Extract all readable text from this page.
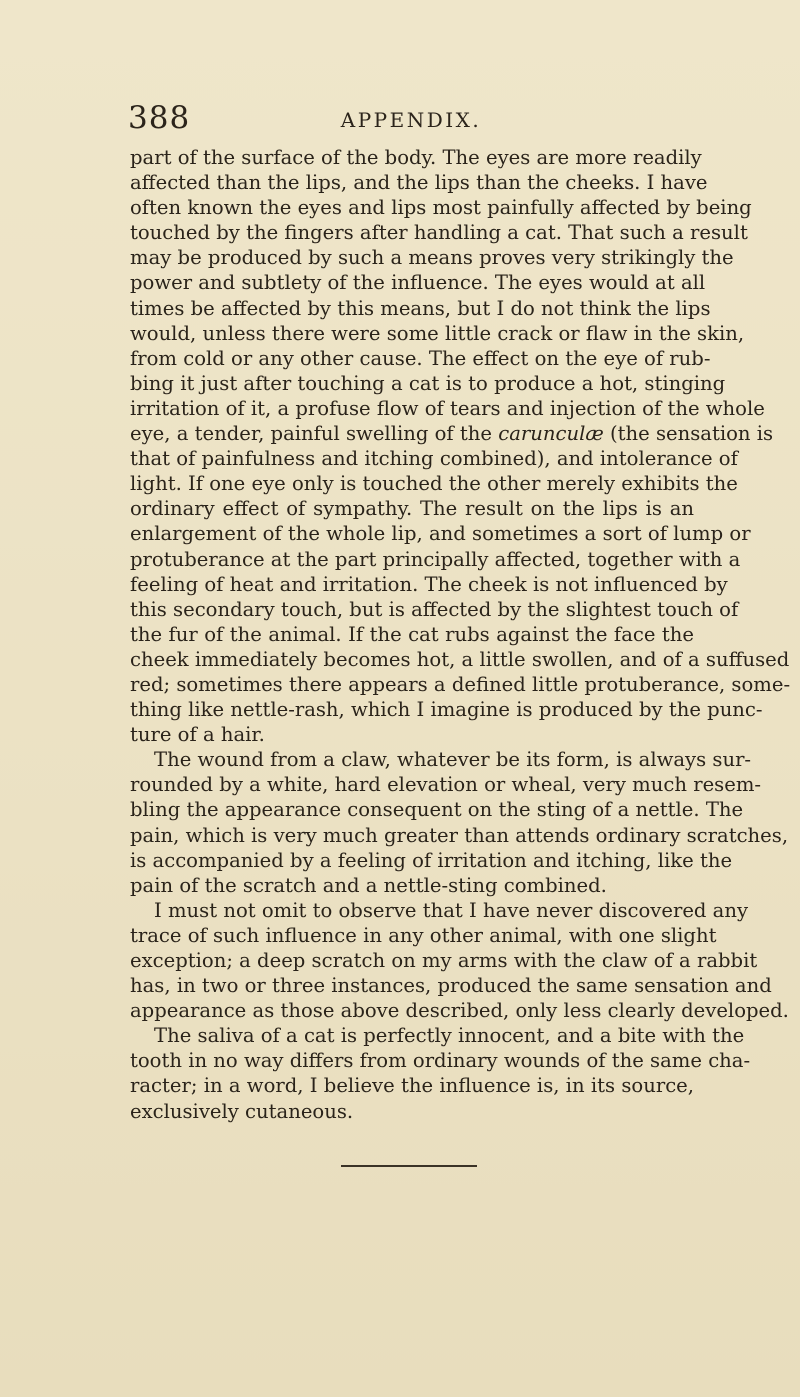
388	APPENDIX.
part of the surface of the body. The eyes are more readily
affected than the lips, and the lips than the cheeks. I have
often known the eyes and lips most painfully affected by being
touched by the fingers after handling a cat. That such a result
may be produced by such a means proves very strikingly the
power and subtlety of the influence. The eyes would at all
times be affected by this means, but I do not think the lips
would, unless there were some little crack or flaw in the skin,
from cold or any other cause. The effect on the eye of rub-
bing it just after touching a cat is to produce a hot, stinging
irritation of it, a profuse flow of tears and injection of the whole
eye, a tender, painful swelling of the carunculæ (the sensation is
that of painfulness and itching combined), and intolerance of
light. If one eye only is touched the other merely exhibits the
ordinary effect of sympathy. The result on the lips is an
enlargement of the whole lip, and sometimes a sort of lump or
protuberance at the part principally affected, together with a
feeling of heat and irritation. The cheek is not influenced by
this secondary touch, but is affected by the slightest touch of
the fur of the animal. If the cat rubs against the face the
cheek immediately becomes hot, a little swollen, and of a suffused
red; sometimes there appears a defined little protuberance, some-
thing like nettle-rash, which I imagine is produced by the punc-
ture of a hair.
The wound from a claw, whatever be its form, is always sur-
rounded by a white, hard elevation or wheal, very much resem-
bling the appearance consequent on the sting of a nettle. The
pain, which is very much greater than attends ordinary scratches,
is accompanied by a feeling of irritation and itching, like the
pain of the scratch and a nettle-sting combined.
I must not omit to observe that I have never discovered any
trace of such influence in any other animal, with one slight
exception; a deep scratch on my arms with the claw of a rabbit
has, in two or three instances, produced the same sensation and
appearance as those above described, only less clearly developed.
The saliva of a cat is perfectly innocent, and a bite with the
tooth in no way differs from ordinary wounds of the same cha-
racter; in a word, I believe the influence is, in its source,
exclusively cutaneous.
